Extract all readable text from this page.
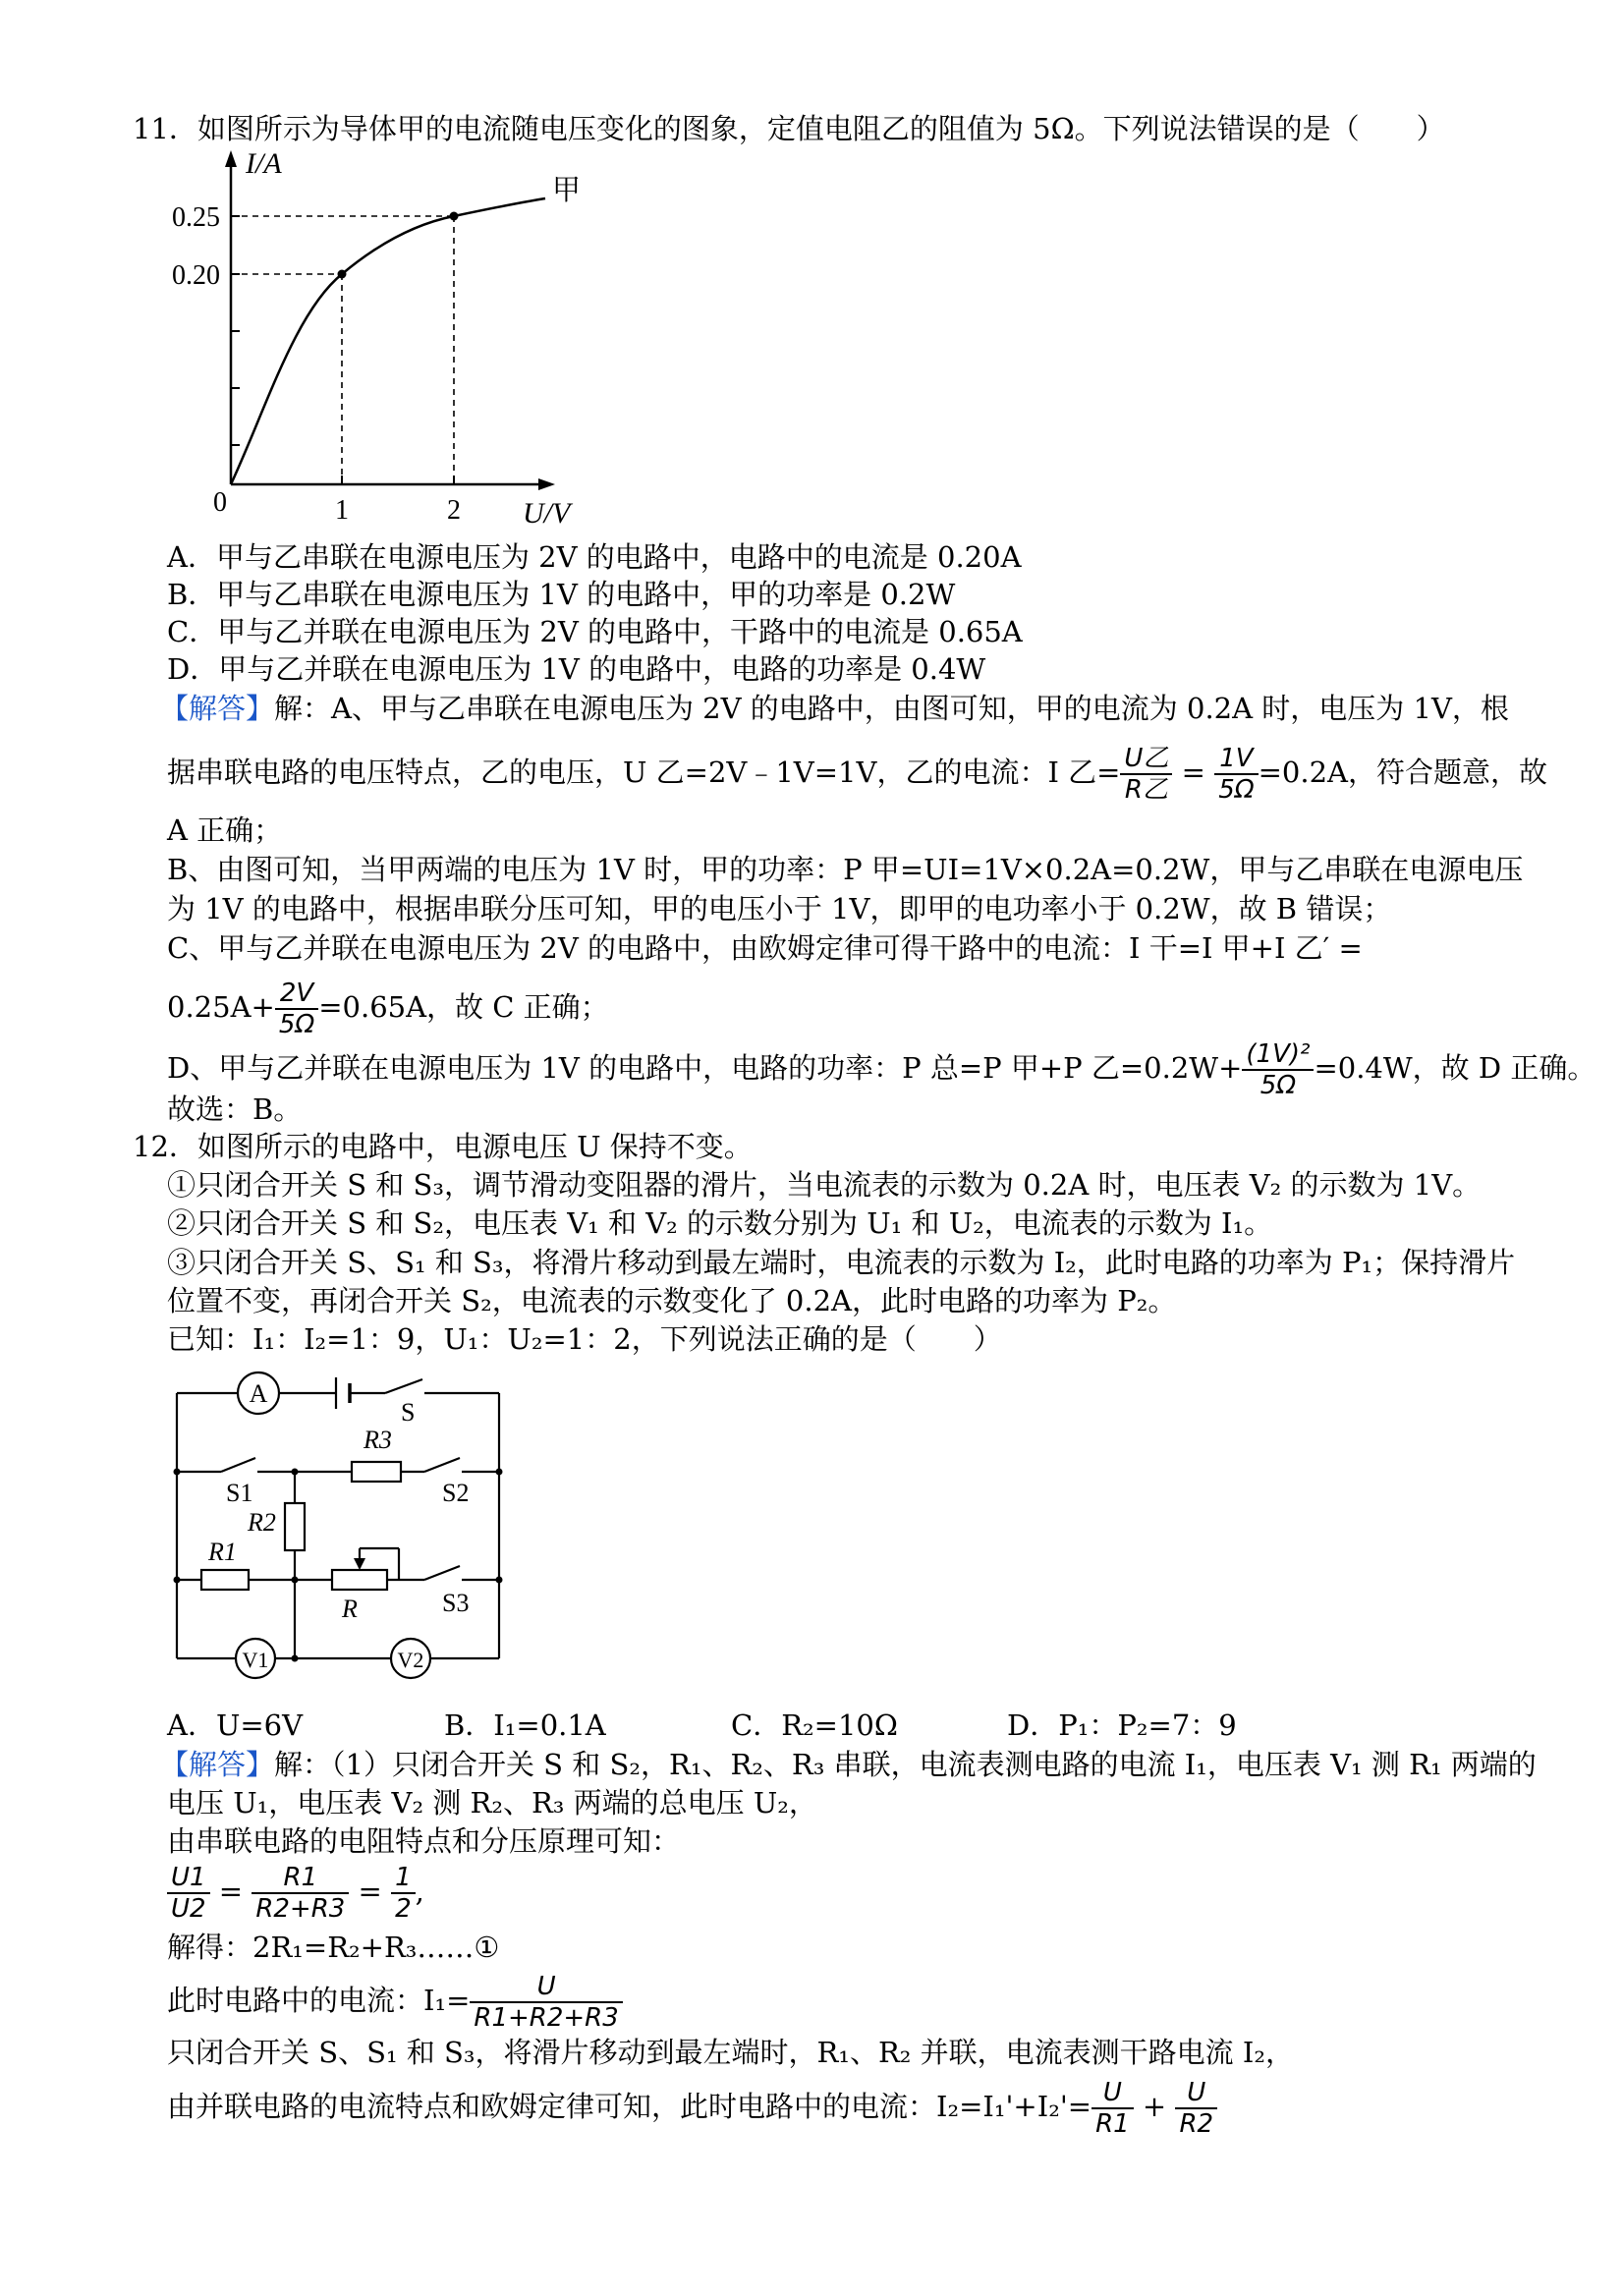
11．如图所示为导体甲的电流随电压变化的图象，定值电阻乙的阻值为 5Ω。下列说法错误的是（　　）
I/A
0.25
0.20
0	1	2 U/V
甲
A．甲与乙串联在电源电压为 2V 的电路中，电路中的电流是 0.20A
B．甲与乙串联在电源电压为 1V 的电路中，甲的功率是 0.2W
C．甲与乙并联在电源电压为 2V 的电路中，干路中的电流是 0.65A
D．甲与乙并联在电源电压为 1V 的电路中，电路的功率是 0.4W
【解答】解：A、甲与乙串联在电源电压为 2V 的电路中，由图可知，甲的电流为 0.2A 时，电压为 1V，根
据串联电路的电压特点，乙的电压，U 乙=2V﹣1V=1V，乙的电流：I 乙= $\frac{\text{U乙}}{\text{R乙}} = \frac{1V}{5\Omega} =0.2A$，符合题意，故
A 正确；
B、由图可知，当甲两端的电压为 1V 时，甲的功率：P 甲=UI=1V×0.2A=0.2W，甲与乙串联在电源电压
为 1V 的电路中，根据串联分压可知，甲的电压小于 1V，即甲的电功率小于 0.2W，故 B 错误；
C、甲与乙并联在电源电压为 2V 的电路中，由欧姆定律可得干路中的电流：I 干=I 甲+I 乙′ =
$0.25A+ \frac{2V}{5\Omega} =0.65A$，故 C 正确；
D、甲与乙并联在电源电压为 1V 的电路中，电路的功率：P 总=P 甲+P 乙$=0.2W+ \frac{\text{(1V)²}}{5\Omega} =0.4W$，故 D 正确。
故选：B。
12．如图所示的电路中，电源电压 U 保持不变。
①只闭合开关 S 和 S₃，调节滑动变阻器的滑片，当电流表的示数为 0.2A 时，电压表 V₂ 的示数为 1V。
②只闭合开关 S 和 S₂，电压表 V₁ 和 V₂ 的示数分别为 U₁ 和 U₂，电流表的示数为 I₁。
③只闭合开关 S、S₁ 和 S₃，将滑片移动到最左端时，电流表的示数为 I₂，此时电路的功率为 P₁；保持滑片
位置不变，再闭合开关 S₂，电流表的示数变化了 0.2A，此时电路的功率为 P₂。
已知：I₁：I₂=1：9，U₁：U₂=1：2，下列说法正确的是（　　）
A
S
R3
S1	S2
R2
R1
R	S3
V1	V2
A．U=6V	B．I₁=0.1A	C．R₂=10Ω	D．P₁：P₂=7：9
【解答】解：（1）只闭合开关 S 和 S₂，R₁、R₂、R₃ 串联，电流表测电路的电流 I₁，电压表 V₁ 测 R₁ 两端的
电压 U₁，电压表 V₂ 测 R₂、R₃ 两端的总电压 U₂，
由串联电路的电阻特点和分压原理可知：
$\frac{U1}{U2} = \frac{R1}{R2+R3} = \frac{1}{2}$ ,
解得：2R₁=R₂+R₃……①
此时电路中的电流：$I_1= \frac{U}{R1+R2+R3}$
只闭合开关 S、S₁ 和 S₃，将滑片移动到最左端时，R₁、R₂ 并联，电流表测干路电流 I₂，
由并联电路的电流特点和欧姆定律可知，此时电路中的电流：$I_2=I_1'+I_2'= \frac{U}{R1} + \frac{U}{R2}$
